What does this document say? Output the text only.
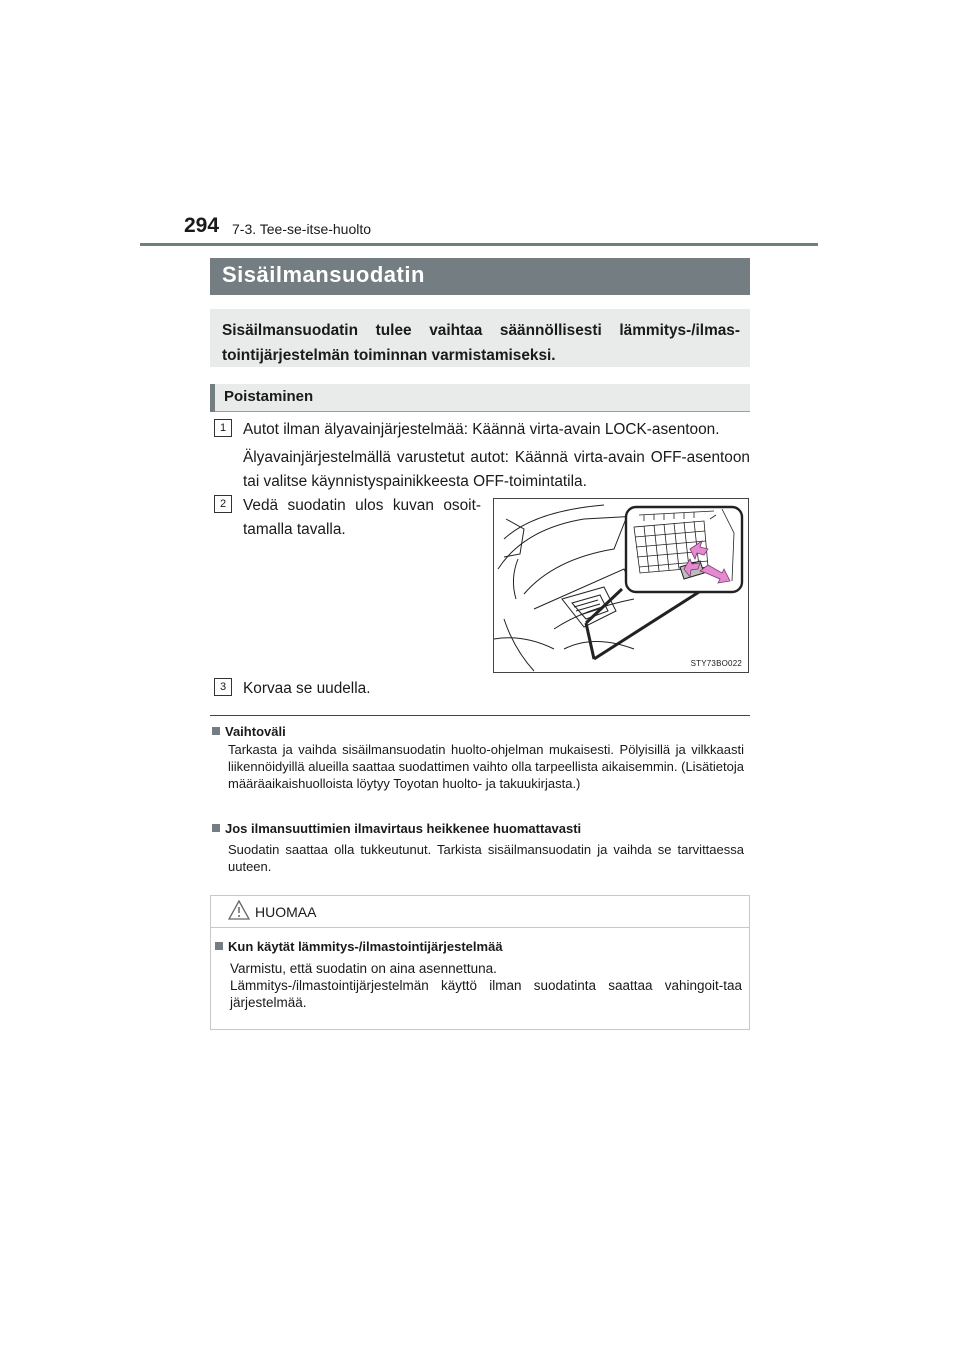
294 7-3. Tee-se-itse-huolto
Sisäilmansuodatin
Sisäilmansuodatin tulee vaihtaa säännöllisesti lämmitys-/ilmas-tointijärjestelmän toiminnan varmistamiseksi.
Poistaminen
1	Autot ilman älyavainjärjestelmää: Käännä virta-avain LOCK-asentoon.
Älyavainjärjestelmällä varustetut autot: Käännä virta-avain OFF-asentoon tai valitse käynnistyspainikkeesta OFF-toimintatila.
2	Vedä suodatin ulos kuvan osoit-tamalla tavalla.
STY73BO022
3	Korvaa se uudella.
Vaihtoväli
Tarkasta ja vaihda sisäilmansuodatin huolto-ohjelman mukaisesti. Pölyisillä ja vilkkaasti liikennöidyillä alueilla saattaa suodattimen vaihto olla tarpeellista aikaisemmin. (Lisätietoja määräaikaishuolloista löytyy Toyotan huolto- ja takuukirjasta.)
Jos ilmansuuttimien ilmavirtaus heikkenee huomattavasti
Suodatin saattaa olla tukkeutunut. Tarkista sisäilmansuodatin ja vaihda se tarvittaessa uuteen.
HUOMAA
Kun käytät lämmitys-/ilmastointijärjestelmää
Varmistu, että suodatin on aina asennettuna.
Lämmitys-/ilmastointijärjestelmän käyttö ilman suodatinta saattaa vahingoit-taa järjestelmää.
